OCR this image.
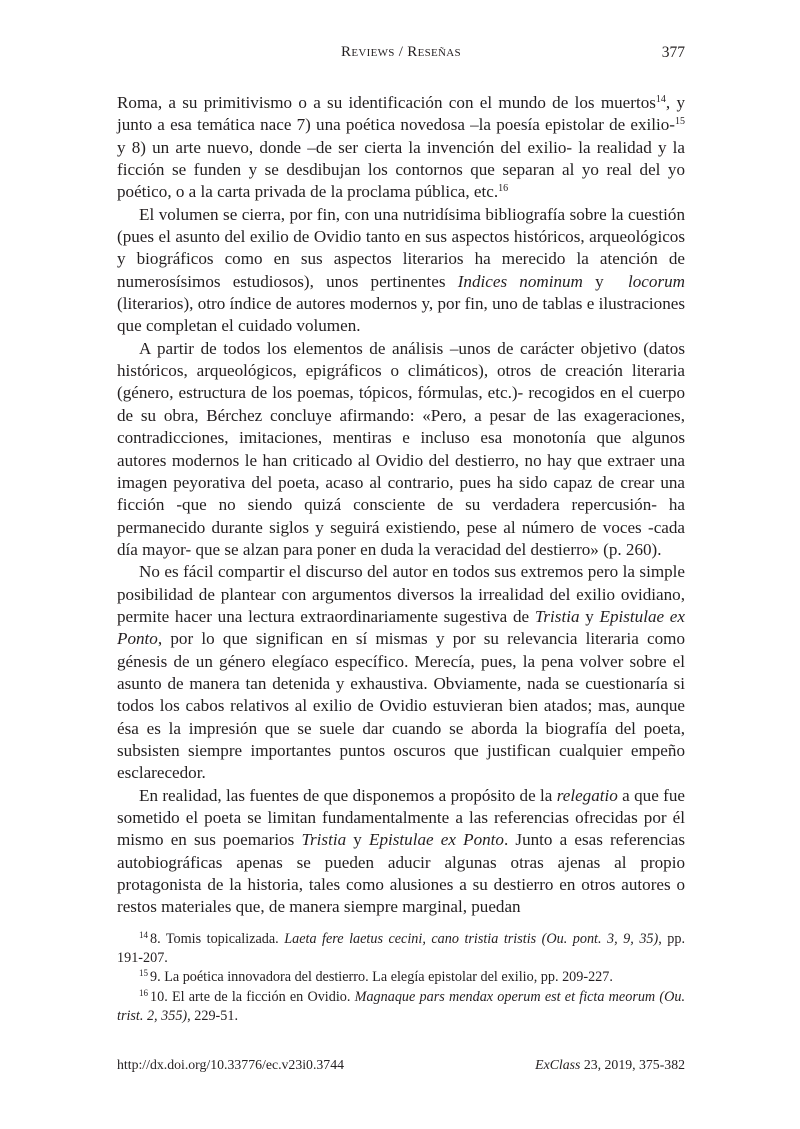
Reviews / Reseñas	377

Roma, a su primitivismo o a su identificación con el mundo de los muertos$^{14}$, y junto a esa temática nace 7) una poética novedosa –la poesía epistolar de exilio-$^{15}$ y 8) un arte nuevo, donde –de ser cierta la invención del exilio- la realidad y la ficción se funden y se desdibujan los contornos que separan al yo real del yo poético, o a la carta privada de la proclama pública, etc.$^{16}$

El volumen se cierra, por fin, con una nutridísima bibliografía sobre la cuestión (pues el asunto del exilio de Ovidio tanto en sus aspectos históricos, arqueológicos y biográficos como en sus aspectos literarios ha merecido la atención de numerosísimos estudiosos), unos pertinentes Indices nominum y  locorum (literarios), otro índice de autores modernos y, por fin, uno de tablas e ilustraciones que completan el cuidado volumen.

A partir de todos los elementos de análisis –unos de carácter objetivo (datos históricos, arqueológicos, epigráficos o climáticos), otros de creación literaria (género, estructura de los poemas, tópicos, fórmulas, etc.)- recogidos en el cuerpo de su obra, Bérchez concluye afirmando: «Pero, a pesar de las exageraciones, contradicciones, imitaciones, mentiras e incluso esa monotonía que algunos autores modernos le han criticado al Ovidio del destierro, no hay que extraer una imagen peyorativa del poeta, acaso al contrario, pues ha sido capaz de crear una ficción -que no siendo quizá consciente de su verdadera repercusión- ha permanecido durante siglos y seguirá existiendo, pese al número de voces -cada día mayor- que se alzan para poner en duda la veracidad del destierro» (p. 260).

No es fácil compartir el discurso del autor en todos sus extremos pero la simple posibilidad de plantear con argumentos diversos la irrealidad del exilio ovidiano, permite hacer una lectura extraordinariamente sugestiva de Tristia y Epistulae ex Ponto, por lo que significan en sí mismas y por su relevancia literaria como génesis de un género elegíaco específico. Merecía, pues, la pena volver sobre el asunto de manera tan detenida y exhaustiva. Obviamente, nada se cuestionaría si todos los cabos relativos al exilio de Ovidio estuvieran bien atados; mas, aunque ésa es la impresión que se suele dar cuando se aborda la biografía del poeta, subsisten siempre importantes puntos oscuros que justifican cualquier empeño esclarecedor.

En realidad, las fuentes de que disponemos a propósito de la relegatio a que fue sometido el poeta se limitan fundamentalmente a las referencias ofrecidas por él mismo en sus poemarios Tristia y Epistulae ex Ponto. Junto a esas referencias autobiográficas apenas se pueden aducir algunas otras ajenas al propio protagonista de la historia, tales como alusiones a su destierro en otros autores o restos materiales que, de manera siempre marginal, puedan

$^{14}$ 8. Tomis topicalizada. Laeta fere laetus cecini, cano tristia tristis (Ou. pont. 3, 9, 35), pp. 191-207.

$^{15}$ 9. La poética innovadora del destierro. La elegía epistolar del exilio, pp. 209-227.

$^{16}$ 10. El arte de la ficción en Ovidio. Magnaque pars mendax operum est et ficta meorum (Ou. trist. 2, 355), 229-51.

http://dx.doi.org/10.33776/ec.v23i0.3744	ExClass 23, 2019, 375-382
